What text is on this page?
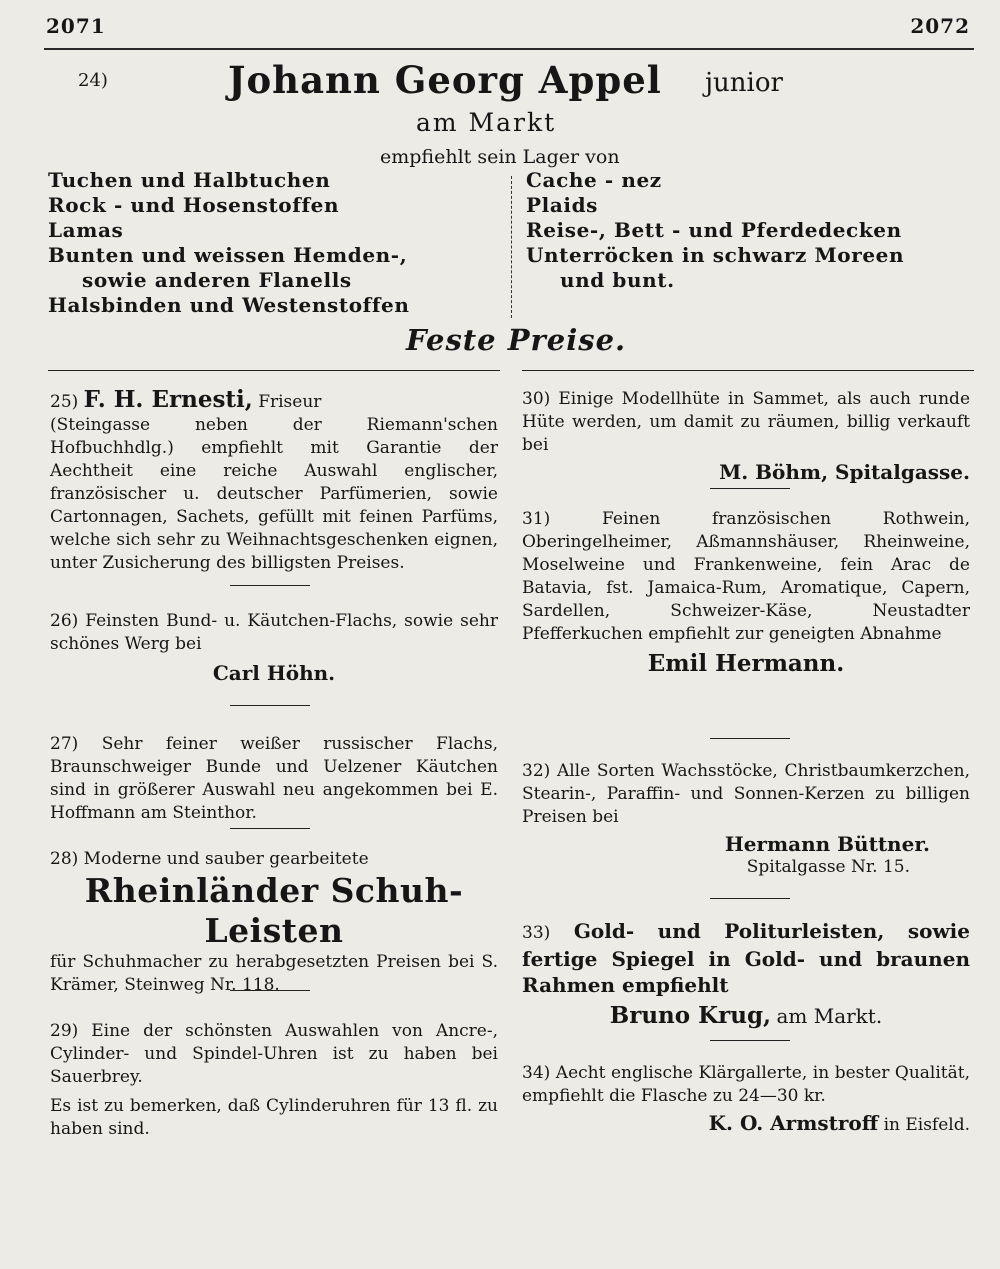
2071	2072
24)	Johann Georg Appel junior
am Markt
empfiehlt sein Lager von
Tuchen und Halbtuchen
Rock - und Hosenstoffen
Lamas
Bunten und weissen Hemden-,
sowie anderen Flanells
Halsbinden und Westenstoffen
Cache - nez
Plaids
Reise-, Bett - und Pferdedecken
Unterröcken in schwarz Moreen
und bunt.
Feste Preise.

25) F. H. Ernesti, Friseur

(Steingasse neben der Riemann'schen Hofbuchhdlg.) empfiehlt mit Garantie der Aechtheit eine reiche Auswahl englischer, französischer u. deutscher Parfümerien, sowie Cartonnagen, Sachets, gefüllt mit feinen Parfüms, welche sich sehr zu Weihnachtsgeschenken eignen, unter Zusicherung des billigsten Preises.

26) Feinsten Bund- u. Käutchen-Flachs, sowie sehr schönes Werg bei

Carl Höhn.

27) Sehr feiner weißer russischer Flachs, Braunschweiger Bunde und Uelzener Käutchen sind in größerer Auswahl neu angekommen bei E. Hoffmann am Steinthor.

28) Moderne und sauber gearbeitete

Rheinländer Schuh-Leisten

für Schuhmacher zu herabgesetzten Preisen bei S. Krämer, Steinweg Nr. 118.

29) Eine der schönsten Auswahlen von Ancre-, Cylinder- und Spindel-Uhren ist zu haben bei Sauerbrey.

Es ist zu bemerken, daß Cylinderuhren für 13 fl. zu haben sind.

30) Einige Modellhüte in Sammet, als auch runde Hüte werden, um damit zu räumen, billig verkauft bei

M. Böhm, Spitalgasse.

31)	Feinen französischen Rothwein, Oberingelheimer, Aßmannshäuser, Rheinweine, Moselweine und Frankenweine, fein Arac de Batavia, fst. Jamaica-Rum, Aromatique, Capern, Sardellen, Schweizer-Käse, Neustadter Pfefferkuchen empfiehlt zur geneigten Abnahme

Emil Hermann.

32) Alle Sorten Wachsstöcke, Christbaumkerzchen, Stearin-, Paraffin- und Sonnen-Kerzen zu billigen Preisen bei

Hermann Büttner.

Spitalgasse Nr. 15.

33) Gold- und Politurleisten, sowie fertige Spiegel in Gold- und braunen Rahmen empfiehlt

Bruno Krug, am Markt.

34) Aecht englische Klärgallerte, in bester Qualität, empfiehlt die Flasche zu 24—30 kr.

K. O. Armstroff in Eisfeld.
